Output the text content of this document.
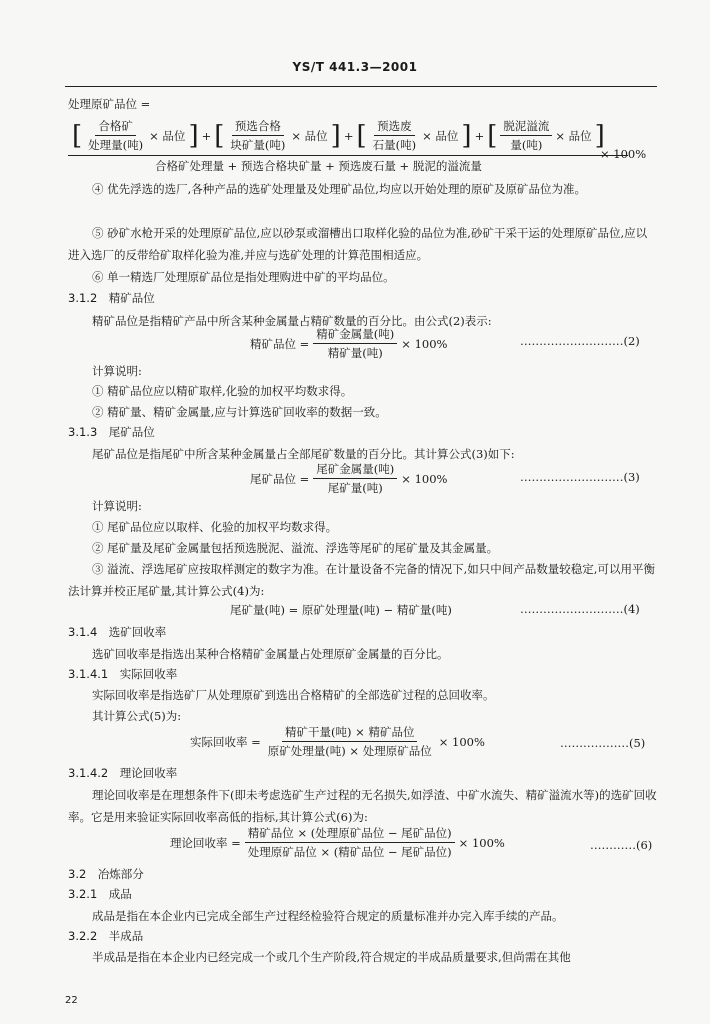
YS/T 441.3—2001
处理原矿品位 =
[ $\frac{\text{合格矿}}{\text{处理量(吨)}}$ × 品位 ] + [ $\frac{\text{预选合格}}{\text{块矿量(吨)}}$ × 品位 ] + [ $\frac{\text{预选废}}{\text{石量(吨)}}$ × 品位 ] + [ $\frac{\text{脱泥溢流}}{\text{量(吨)}}$ × 品位 ]
合格矿处理量 + 预选合格块矿量 + 预选废石量 + 脱泥的溢流量
× 100%
④ 优先浮选的选厂,各种产品的选矿处理量及处理矿品位,均应以开始处理的原矿及原矿品位为准。
⑤ 砂矿水枪开采的处理原矿品位,应以砂泵或溜槽出口取样化验的品位为准,砂矿干采干运的处理原矿品位,应以进入选厂的反带给矿取样化验为准,并应与选矿处理的计算范围相适应。
⑥ 单一精选厂处理原矿品位是指处理购进中矿的平均品位。
3.1.2　精矿品位
精矿品位是指精矿产品中所含某种金属量占精矿数量的百分比。由公式(2)表示:
精矿品位 = $\frac{\text{精矿金属量(吨)}}{\text{精矿量(吨)}} \times 100\%$	………………………(2)
计算说明:
① 精矿品位应以精矿取样,化验的加权平均数求得。
② 精矿量、精矿金属量,应与计算选矿回收率的数据一致。
3.1.3　尾矿品位
尾矿品位是指尾矿中所含某种金属量占全部尾矿数量的百分比。其计算公式(3)如下:
尾矿品位 = $\frac{\text{尾矿金属量(吨)}}{\text{尾矿量(吨)}} \times 100\%$	………………………(3)
计算说明:
① 尾矿品位应以取样、化验的加权平均数求得。
② 尾矿量及尾矿金属量包括预选脱泥、溢流、浮选等尾矿的尾矿量及其金属量。
③ 溢流、浮选尾矿应按取样测定的数字为准。在计量设备不完备的情况下,如只中间产品数量较稳定,可以用平衡法计算并校正尾矿量,其计算公式(4)为:
尾矿量(吨) = 原矿处理量(吨) − 精矿量(吨)	………………………(4)
3.1.4　选矿回收率
选矿回收率是指选出某种合格精矿金属量占处理原矿金属量的百分比。
3.1.4.1　实际回收率
实际回收率是指选矿厂从处理原矿到选出合格精矿的全部选矿过程的总回收率。
其计算公式(5)为:
实际回收率 = $\frac{\text{精矿干量(吨) × 精矿品位}}{\text{原矿处理量(吨) × 处理原矿品位}} \times 100\%$	………………(5)
3.1.4.2　理论回收率
理论回收率是在理想条件下(即未考虑选矿生产过程的无名损失,如浮渣、中矿水流失、精矿溢流水等)的选矿回收率。它是用来验证实际回收率高低的指标,其计算公式(6)为:
理论回收率 = $\frac{\text{精矿品位 × (处理原矿品位 − 尾矿品位)}}{\text{处理原矿品位 × (精矿品位 − 尾矿品位)}} \times 100\%$	…………(6)
3.2　冶炼部分
3.2.1　成品
成品是指在本企业内已完成全部生产过程经检验符合规定的质量标准并办完入库手续的产品。
3.2.2　半成品
半成品是指在本企业内已经完成一个或几个生产阶段,符合规定的半成品质量要求,但尚需在其他
22
